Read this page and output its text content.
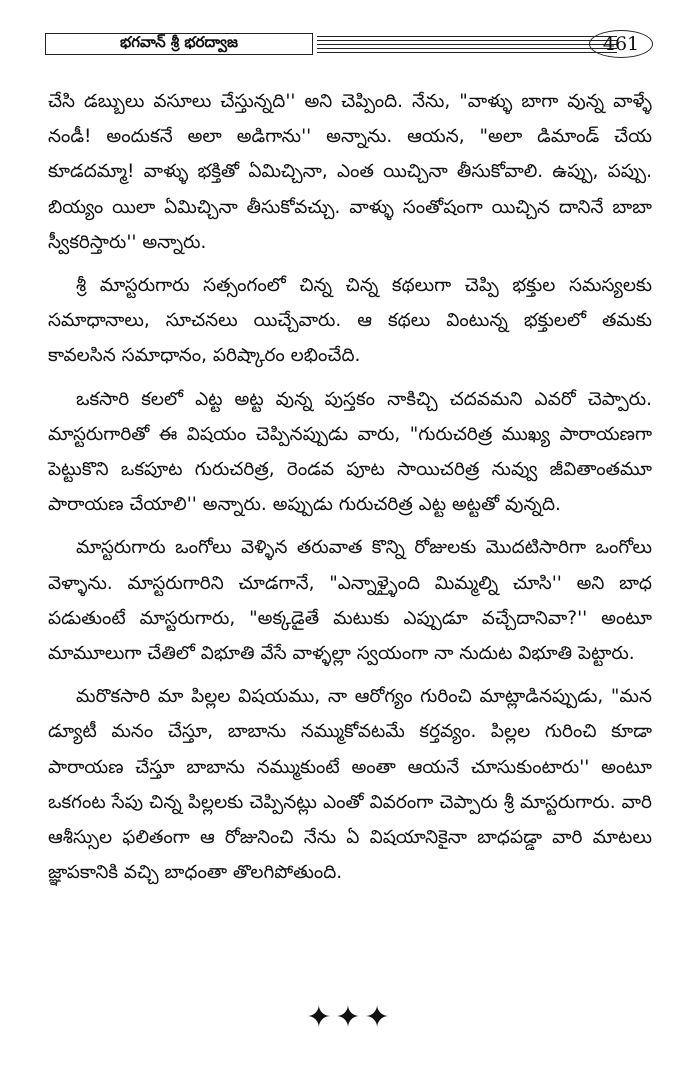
భగవాన్ శ్రీ భరద్వాజ	461

చేసి డబ్బులు వసూలు చేస్తున్నది'' అని చెప్పింది. నేను, "వాళ్ళు బాగా వున్న వాళ్ళే నండీ! అందుకనే అలా అడిగాను'' అన్నాను. ఆయన, "అలా డిమాండ్ చేయ కూడదమ్మా! వాళ్ళు భక్తితో ఏమిచ్చినా, ఎంత యిచ్చినా తీసుకోవాలి. ఉప్పు, పప్పు. బియ్యం యిలా ఏమిచ్చినా తీసుకోవచ్చు. వాళ్ళు సంతోషంగా యిచ్చిన దానినే బాబా స్వీకరిస్తారు'' అన్నారు.

శ్రీ మాస్టరుగారు సత్సంగంలో చిన్న చిన్న కథలుగా చెప్పి భక్తుల సమస్యలకు సమాధానాలు, సూచనలు యిచ్చేవారు. ఆ కథలు వింటున్న భక్తులలో తమకు కావలసిన సమాధానం, పరిష్కారం లభించేది.

ఒకసారి కలలో ఎట్ట అట్ట వున్న పుస్తకం నాకిచ్చి చదవమని ఎవరో చెప్పారు. మాస్టరుగారితో ఈ విషయం చెప్పినప్పుడు వారు, "గురుచరిత్ర ముఖ్య పారాయణగా పెట్టుకొని ఒకపూట గురుచరిత్ర, రెండవ పూట సాయిచరిత్ర నువ్వు జీవితాంతమూ పారాయణ చేయాలి'' అన్నారు. అప్పుడు గురుచరిత్ర ఎట్ట అట్టతో వున్నది.

మాస్టరుగారు ఒంగోలు వెళ్ళిన తరువాత కొన్ని రోజులకు మొదటిసారిగా ఒంగోలు వెళ్ళాను. మాస్టరుగారిని చూడగానే, "ఎన్నాళ్ళైంది మిమ్మల్ని చూసి'' అని బాధ పడుతుంటే మాస్టరుగారు, "అక్కడైతే మటుకు ఎప్పుడూ వచ్చేదానివా?'' అంటూ మామూలుగా చేతిలో విభూతి వేసే వాళ్ళల్లా స్వయంగా నా నుదుట విభూతి పెట్టారు.

మరొకసారి మా పిల్లల విషయము, నా ఆరోగ్యం గురించి మాట్లాడినప్పుడు, "మన డ్యూటీ మనం చేస్తూ, బాబాను నమ్ముకోవటమే కర్తవ్యం. పిల్లల గురించి కూడా పారాయణ చేస్తూ బాబాను నమ్ముకుంటే అంతా ఆయనే చూసుకుంటారు'' అంటూ ఒకగంట సేపు చిన్న పిల్లలకు చెప్పినట్లు ఎంతో వివరంగా చెప్పారు శ్రీ మాస్టరుగారు. వారి ఆశీస్సుల ఫలితంగా ఆ రోజునించి నేను ఏ విషయానికైనా బాధపడ్డా వారి మాటలు జ్ఞాపకానికి వచ్చి బాధంతా తొలగిపోతుంది.

✦✦✦
